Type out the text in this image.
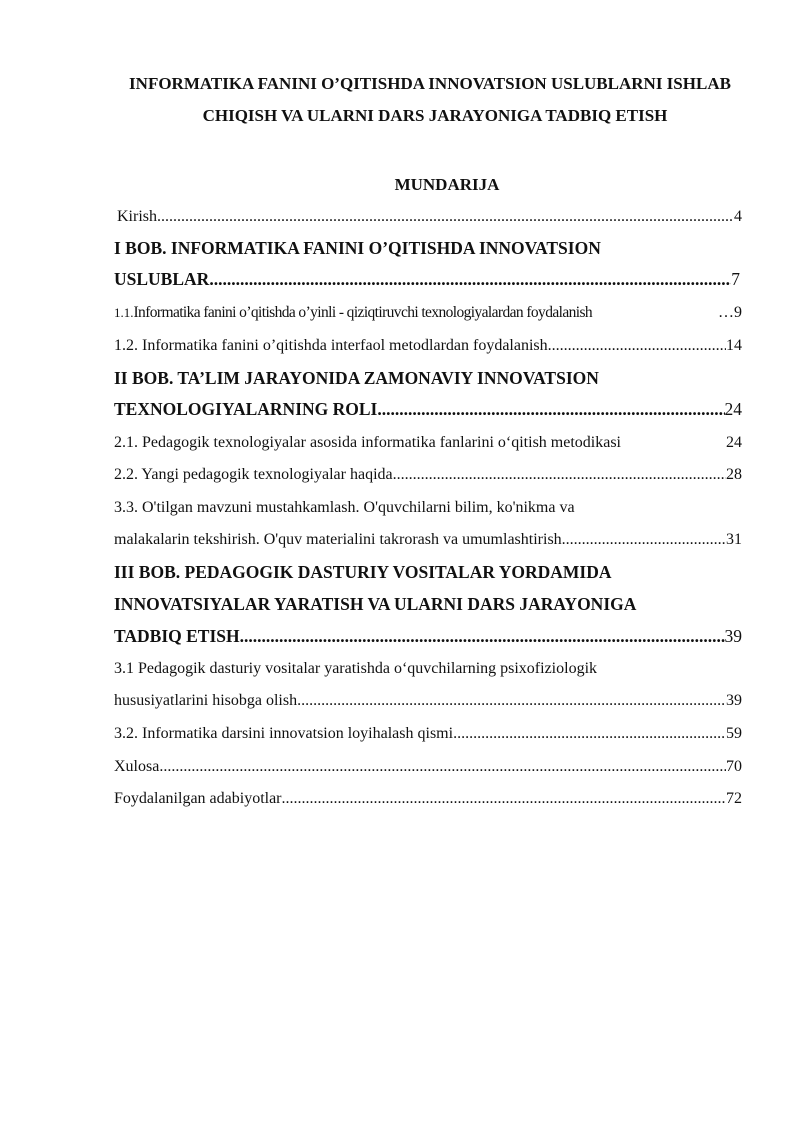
INFORMATIKA FANINI O’QITISHDA INNOVATSION USLUBLARNI ISHLAB
CHIQISH VA ULARNI DARS JARAYONIGA TADBIQ ETISH
MUNDARIJA
Kirish .....	4
I BOB. INFORMATIKA FANINI O’QITISHDA INNOVATSION
USLUBLAR .....	7
1.1. Informatika fanini o’qitishda o’yinli - qiziqtiruvchi texnologiyalardan foydalanish	… 9
1.2. Informatika fanini o’qitishda interfaol metodlardan foydalanish .....	14
II BOB. TA’LIM JARAYONIDA ZAMONAVIY INNOVATSION
TEXNOLOGIYALARNING ROLI .....	24
2.1. Pedagogik texnologiyalar asosida informatika fanlarini o‘qitish metodikasi	24
2.2. Yangi pedagogik texnologiyalar haqida .....	28
3.3. O'tilgan mavzuni mustahkamlash. O'quvchilarni bilim, ko'nikma va
malakalarin tekshirish. O'quv materialini takrorash va umumlashtirish .....	31
III BOB. PEDAGOGIK DASTURIY VOSITALAR YORDAMIDA
INNOVATSIYALAR YARATISH VA ULARNI DARS JARAYONIGA
TADBIQ ETISH .....	39
3.1 Pedagogik dasturiy vositalar yaratishda o‘quvchilarning psixofiziologik
hususiyatlarini hisobga olish .....	39
3.2. Informatika darsini innovatsion loyihalash qismi .....	59
Xulosa .....	70
Foydalanilgan adabiyotlar .....	72
